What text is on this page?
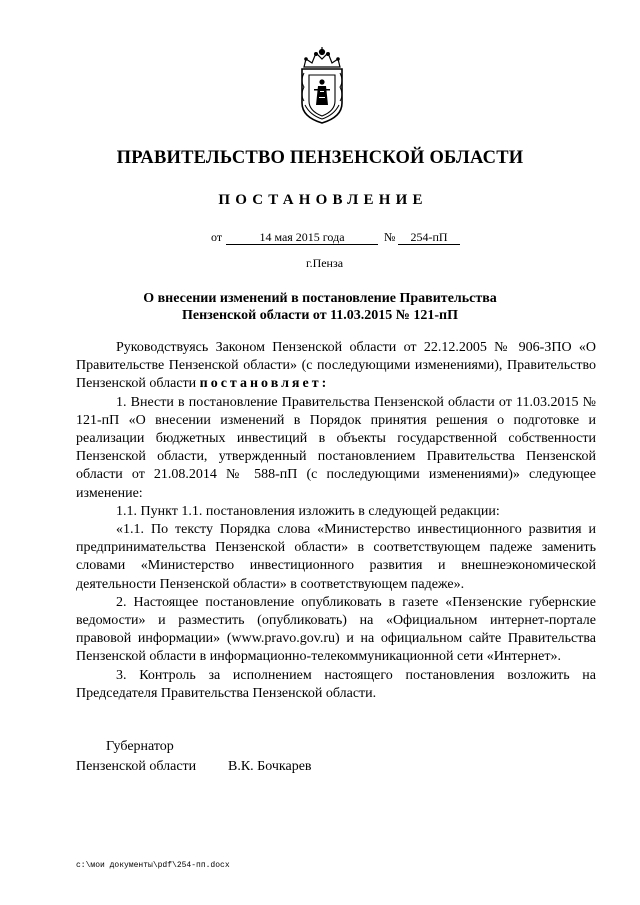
ПРАВИТЕЛЬСТВО ПЕНЗЕНСКОЙ ОБЛАСТИ
ПОСТАНОВЛЕНИЕ
от	14 мая 2015 года	№	254-пП
г.Пенза
О внесении изменений в постановление Правительства
Пензенской области от 11.03.2015 № 121-пП

Руководствуясь Законом Пензенской области от 22.12.2005 № 906-ЗПО «О Правительстве Пензенской области» (с последующими изменениями), Правительство Пензенской области постановляет:

1. Внести в постановление Правительства Пензенской области от 11.03.2015 № 121-пП «О внесении изменений в Порядок принятия решения о подготовке и реализации бюджетных инвестиций в объекты государственной собственности Пензенской области, утвержденный постановлением Правительства Пензенской области от 21.08.2014 № 588-пП (с последующими изменениями)» следующее изменение:

1.1. Пункт 1.1. постановления изложить в следующей редакции:

«1.1. По тексту Порядка слова «Министерство инвестиционного развития и предпринимательства Пензенской области» в соответствующем падеже заменить словами «Министерство инвестиционного развития и внешнеэкономической деятельности Пензенской области» в соответствующем падеже».

2. Настоящее постановление опубликовать в газете «Пензенские губернские ведомости» и разместить (опубликовать) на «Официальном интернет-портале правовой информации» (www.pravo.gov.ru) и на официальном сайте Правительства Пензенской области в информационно-телекоммуникационной сети «Интернет».

3. Контроль за исполнением настоящего постановления возложить на Председателя Правительства Пензенской области.

Губернатор
Пензенской области В.К. Бочкарев
c:\мои документы\pdf\254-пп.docx
